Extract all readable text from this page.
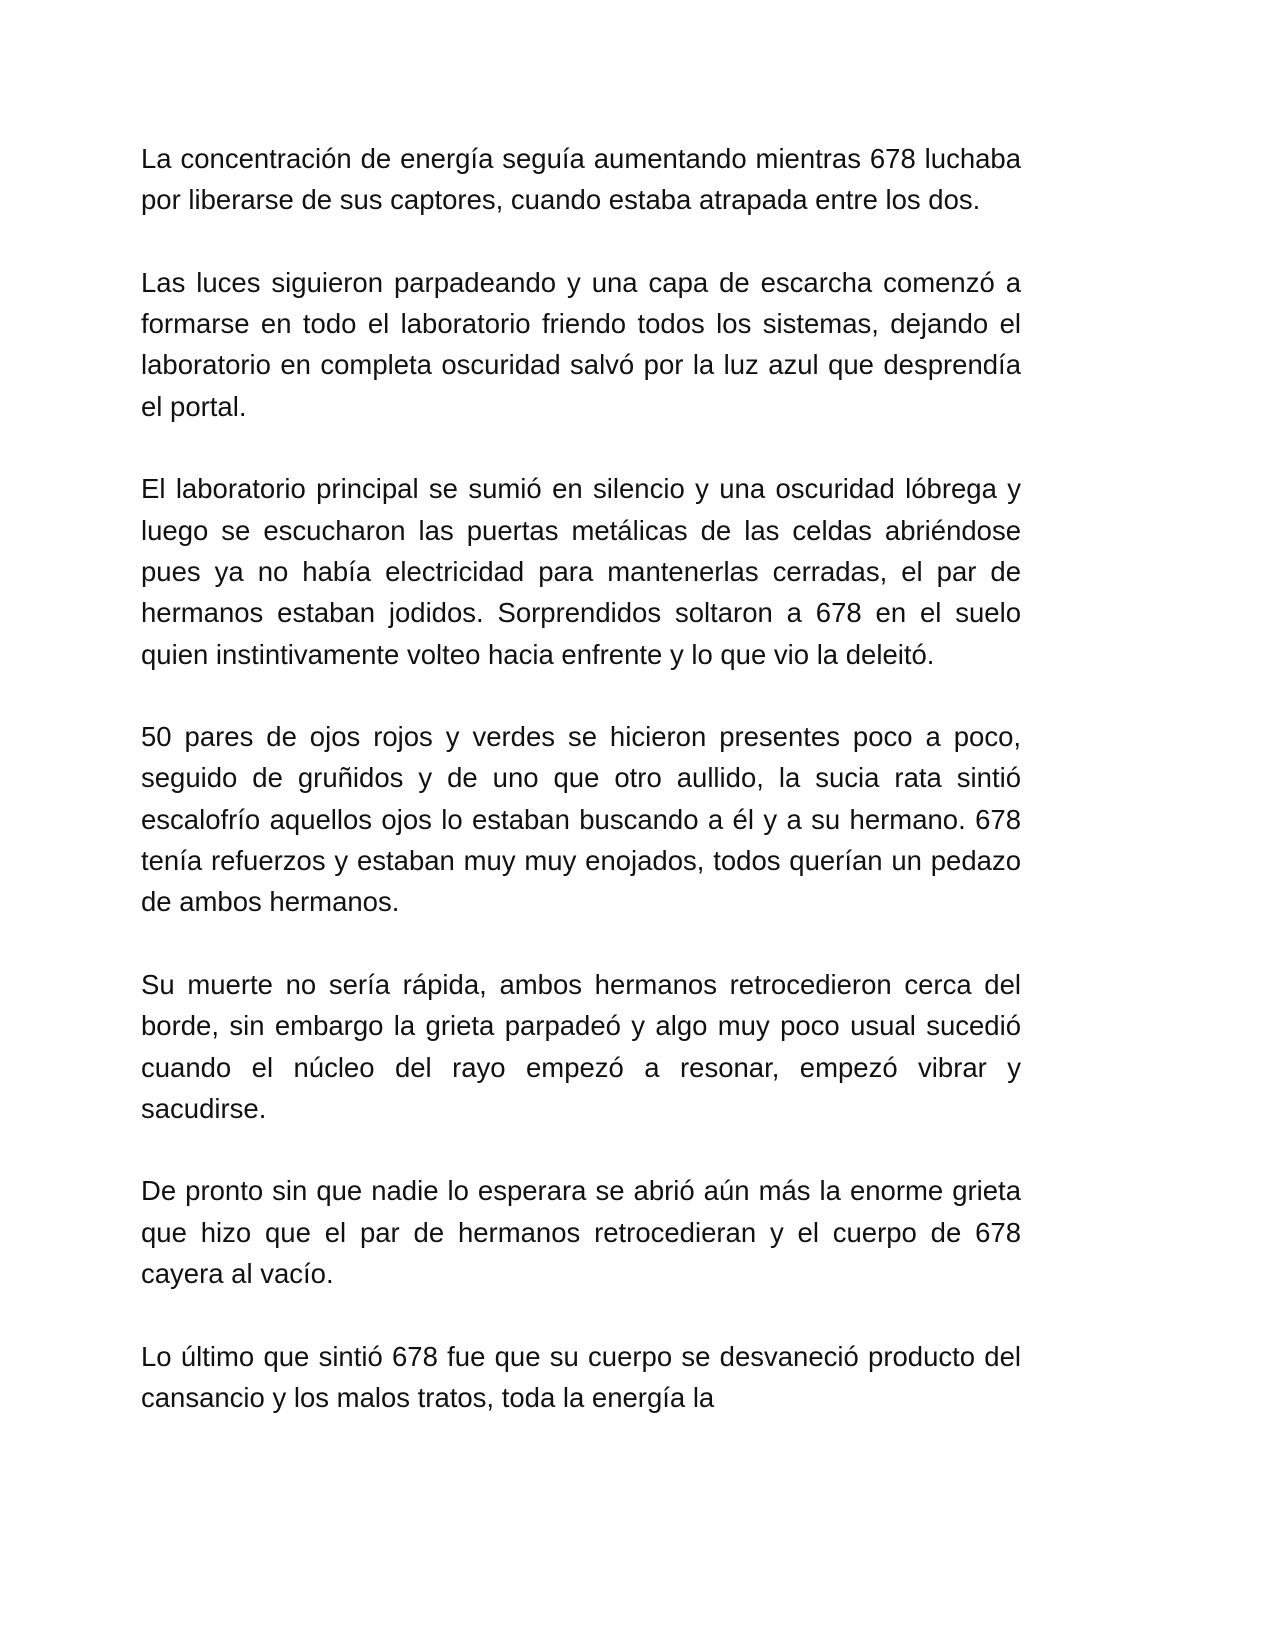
La concentración de energía seguía aumentando mientras 678 luchaba por liberarse de sus captores, cuando estaba atrapada entre los dos.

Las luces siguieron parpadeando y una capa de escarcha comenzó a formarse en todo el laboratorio friendo todos los sistemas, dejando el laboratorio en completa oscuridad salvó por la luz azul que desprendía el portal.

El laboratorio principal se sumió en silencio y una oscuridad lóbrega y luego se escucharon las puertas metálicas de las celdas abriéndose pues ya no había electricidad para mantenerlas cerradas, el par de hermanos estaban jodidos. Sorprendidos soltaron a 678 en el suelo quien instintivamente volteo hacia enfrente y lo que vio la deleitó.

50 pares de ojos rojos y verdes se hicieron presentes poco a poco, seguido de gruñidos y de uno que otro aullido, la sucia rata sintió escalofrío aquellos ojos lo estaban buscando a él y a su hermano. 678 tenía refuerzos y estaban muy muy enojados, todos querían un pedazo de ambos hermanos.

Su muerte no sería rápida, ambos hermanos retrocedieron cerca del borde, sin embargo la grieta parpadeó y algo muy poco usual sucedió cuando el núcleo del rayo empezó a resonar, empezó vibrar y sacudirse.

De pronto sin que nadie lo esperara se abrió aún más la enorme grieta que hizo que el par de hermanos retrocedieran y el cuerpo de 678 cayera al vacío.

Lo último que sintió 678 fue que su cuerpo se desvaneció producto del cansancio y los malos tratos, toda la energía la
